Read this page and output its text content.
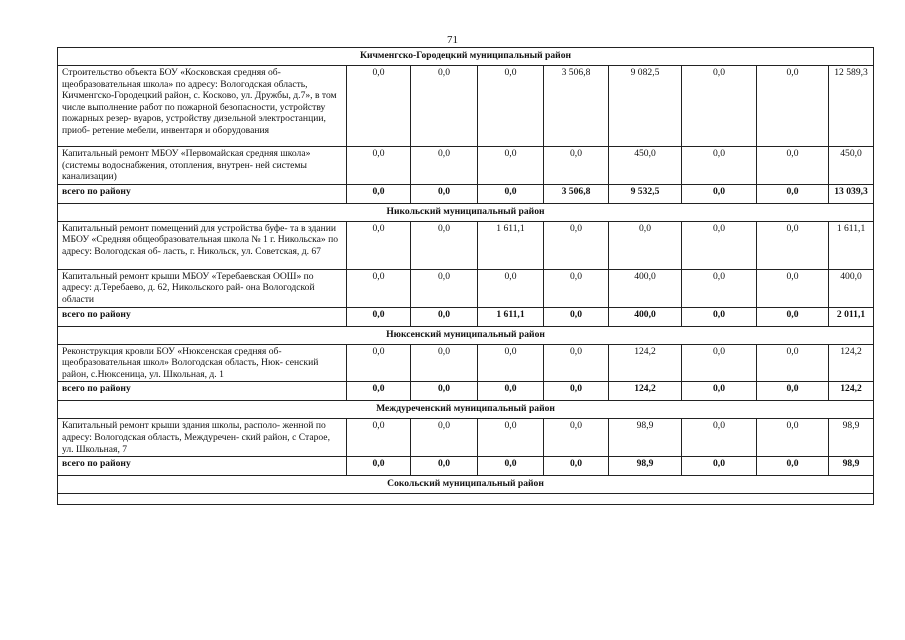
71
Кичменгско-Городецкий муниципальный район								
Строительство объекта БОУ «Косковская средняя об- щеобразовательная школа» по адресу: Вологодская область, Кичменгско-Городецкий район, с. Косково, ул. Дружбы, д.7», в том числе выполнение работ по пожарной безопасности, устройству пожарных резер- вуаров, устройству дизельной электростанции, приоб- ретение мебели, инвентаря и оборудования	0,0	0,0	0,0	3 506,8	9 082,5	0,0	0,0	12 589,3
Капитальный ремонт МБОУ «Первомайская средняя школа» (системы водоснабжения, отопления, внутрен- ней системы канализации)	0,0	0,0	0,0	0,0	450,0	0,0	0,0	450,0
всего по району	0,0	0,0	0,0	3 506,8	9 532,5	0,0	0,0	13 039,3
Никольский муниципальный район								
Капитальный ремонт помещений для устройства буфе- та в здании МБОУ «Средняя общеобразовательная школа № 1 г. Никольска» по адресу: Вологодская об- ласть, г. Никольск, ул. Советская, д. 67	0,0	0,0	1 611,1	0,0	0,0	0,0	0,0	1 611,1
Капитальный ремонт крыши МБОУ «Теребаевская ООШ» по адресу: д.Теребаево, д. 62, Никольского рай- она Вологодской области	0,0	0,0	0,0	0,0	400,0	0,0	0,0	400,0
всего по району	0,0	0,0	1 611,1	0,0	400,0	0,0	0,0	2 011,1
Нюксенский муниципальный район								
Реконструкция кровли БОУ «Нюксенская средняя об- щеобразовательная школ» Вологодская область, Нюк- сенский район, с.Нюксеница, ул. Школьная, д. 1	0,0	0,0	0,0	0,0	124,2	0,0	0,0	124,2
всего по району	0,0	0,0	0,0	0,0	124,2	0,0	0,0	124,2
Междуреченский муниципальный район								
Капитальный ремонт крыши здания школы, располо- женной по адресу: Вологодская область, Междуречен- ский район, с Старое, ул. Школьная, 7	0,0	0,0	0,0	0,0	98,9	0,0	0,0	98,9
всего по району	0,0	0,0	0,0	0,0	98,9	0,0	0,0	98,9
Сокольский муниципальный район								
